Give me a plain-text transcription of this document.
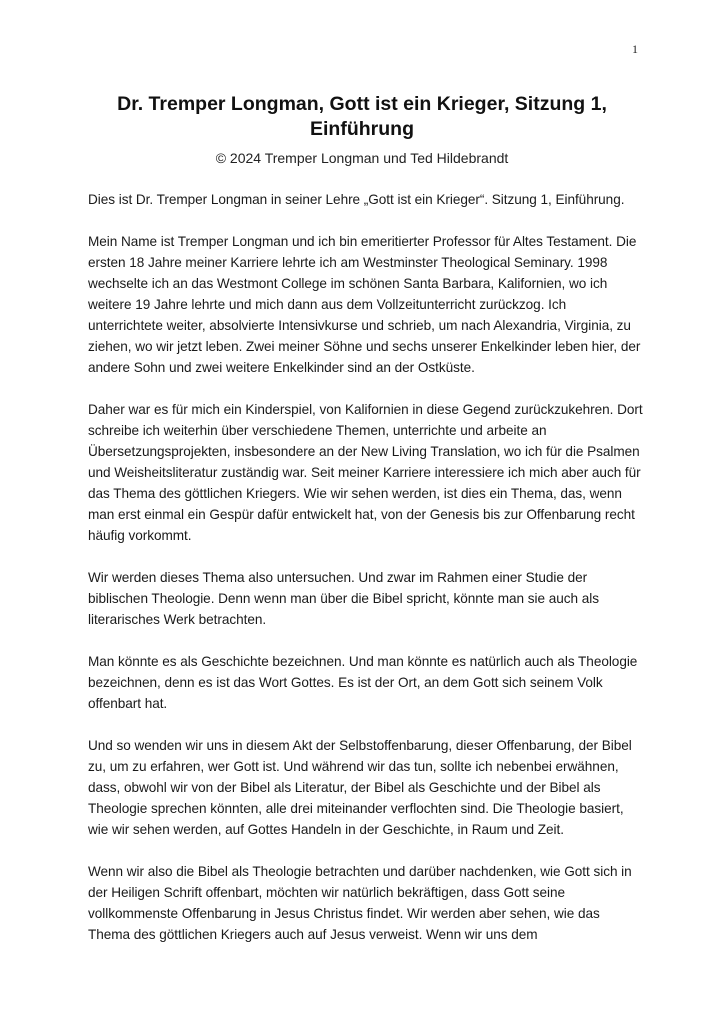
1
Dr. Tremper Longman, Gott ist ein Krieger, Sitzung 1, Einführung
© 2024 Tremper Longman und Ted Hildebrandt

Dies ist Dr. Tremper Longman in seiner Lehre „Gott ist ein Krieger“. Sitzung 1, Einführung.

Mein Name ist Tremper Longman und ich bin emeritierter Professor für Altes Testament. Die ersten 18 Jahre meiner Karriere lehrte ich am Westminster Theological Seminary. 1998 wechselte ich an das Westmont College im schönen Santa Barbara, Kalifornien, wo ich weitere 19 Jahre lehrte und mich dann aus dem Vollzeitunterricht zurückzog. Ich unterrichtete weiter, absolvierte Intensivkurse und schrieb, um nach Alexandria, Virginia, zu ziehen, wo wir jetzt leben. Zwei meiner Söhne und sechs unserer Enkelkinder leben hier, der andere Sohn und zwei weitere Enkelkinder sind an der Ostküste.

Daher war es für mich ein Kinderspiel, von Kalifornien in diese Gegend zurückzukehren. Dort schreibe ich weiterhin über verschiedene Themen, unterrichte und arbeite an Übersetzungsprojekten, insbesondere an der New Living Translation, wo ich für die Psalmen und Weisheitsliteratur zuständig war. Seit meiner Karriere interessiere ich mich aber auch für das Thema des göttlichen Kriegers. Wie wir sehen werden, ist dies ein Thema, das, wenn man erst einmal ein Gespür dafür entwickelt hat, von der Genesis bis zur Offenbarung recht häufig vorkommt.

Wir werden dieses Thema also untersuchen. Und zwar im Rahmen einer Studie der biblischen Theologie. Denn wenn man über die Bibel spricht, könnte man sie auch als literarisches Werk betrachten.

Man könnte es als Geschichte bezeichnen. Und man könnte es natürlich auch als Theologie bezeichnen, denn es ist das Wort Gottes. Es ist der Ort, an dem Gott sich seinem Volk offenbart hat.

Und so wenden wir uns in diesem Akt der Selbstoffenbarung, dieser Offenbarung, der Bibel zu, um zu erfahren, wer Gott ist. Und während wir das tun, sollte ich nebenbei erwähnen, dass, obwohl wir von der Bibel als Literatur, der Bibel als Geschichte und der Bibel als Theologie sprechen könnten, alle drei miteinander verflochten sind. Die Theologie basiert, wie wir sehen werden, auf Gottes Handeln in der Geschichte, in Raum und Zeit.

Wenn wir also die Bibel als Theologie betrachten und darüber nachdenken, wie Gott sich in der Heiligen Schrift offenbart, möchten wir natürlich bekräftigen, dass Gott seine vollkommenste Offenbarung in Jesus Christus findet. Wir werden aber sehen, wie das Thema des göttlichen Kriegers auch auf Jesus verweist. Wenn wir uns dem
